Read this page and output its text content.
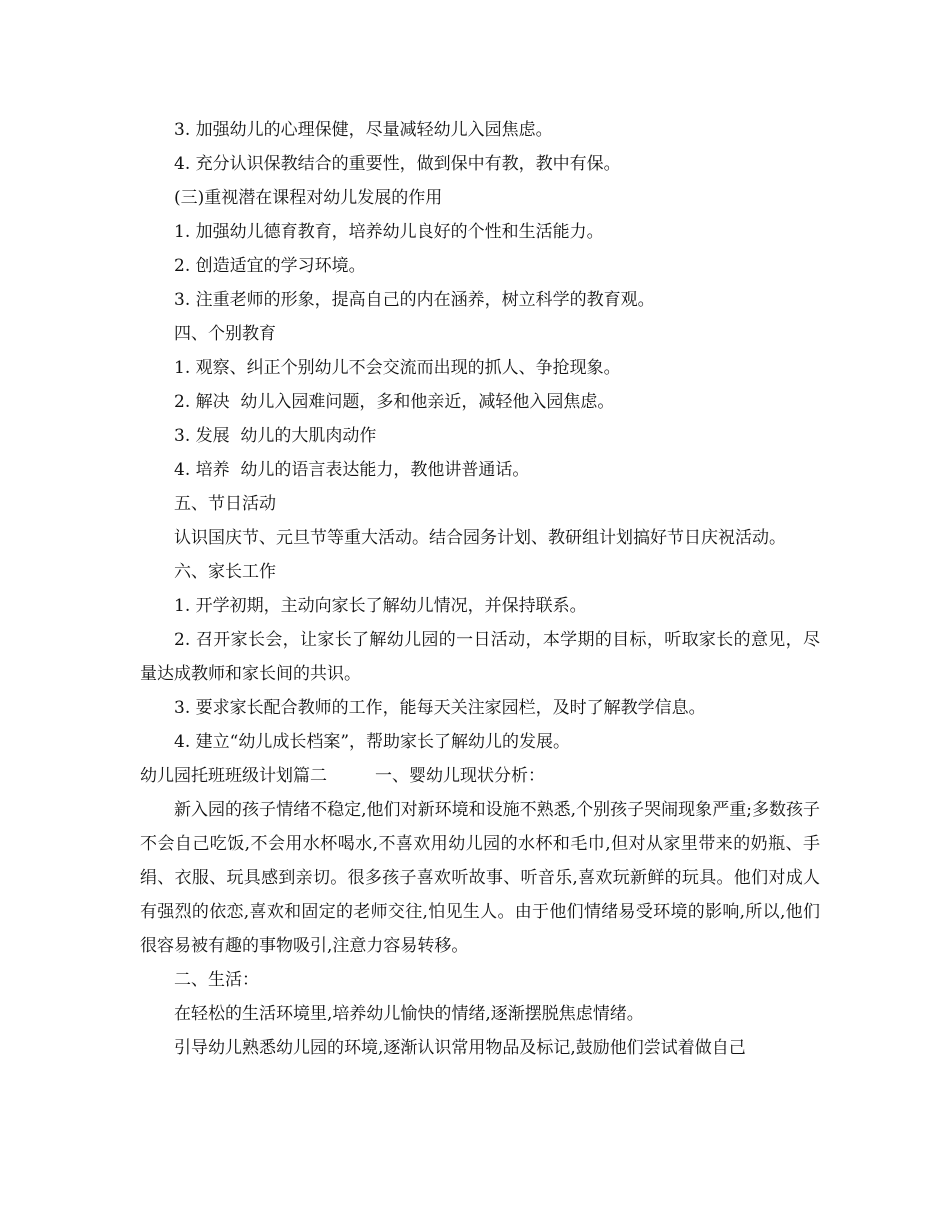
3. 加强幼儿的心理保健，尽量减轻幼儿入园焦虑。

4. 充分认识保教结合的重要性，做到保中有教，教中有保。

(三)重视潜在课程对幼儿发展的作用

1. 加强幼儿德育教育，培养幼儿良好的个性和生活能力。

2. 创造适宜的学习环境。

3. 注重老师的形象，提高自己的内在涵养，树立科学的教育观。

四、个别教育

1. 观察、纠正个别幼儿不会交流而出现的抓人、争抢现象。

2. 解决  幼儿入园难问题，多和他亲近，减轻他入园焦虑。

3. 发展  幼儿的大肌肉动作

4. 培养  幼儿的语言表达能力，教他讲普通话。

五、节日活动

认识国庆节、元旦节等重大活动。结合园务计划、教研组计划搞好节日庆祝活动。

六、家长工作

1. 开学初期，主动向家长了解幼儿情况，并保持联系。

2. 召开家长会，让家长了解幼儿园的一日活动，本学期的目标，听取家长的意见，尽量达成教师和家长间的共识。

3. 要求家长配合教师的工作，能每天关注家园栏，及时了解教学信息。

4. 建立“幼儿成长档案”，帮助家长了解幼儿的发展。

幼儿园托班班级计划篇二	一、婴幼儿现状分析：

新入园的孩子情绪不稳定,他们对新环境和设施不熟悉,个别孩子哭闹现象严重;多数孩子不会自己吃饭,不会用水杯喝水,不喜欢用幼儿园的水杯和毛巾,但对从家里带来的奶瓶、手绢、衣服、玩具感到亲切。很多孩子喜欢听故事、听音乐,喜欢玩新鲜的玩具。他们对成人有强烈的依恋,喜欢和固定的老师交往,怕见生人。由于他们情绪易受环境的影响,所以,他们很容易被有趣的事物吸引,注意力容易转移。

二、生活：

在轻松的生活环境里,培养幼儿愉快的情绪,逐渐摆脱焦虑情绪。

引导幼儿熟悉幼儿园的环境,逐渐认识常用物品及标记,鼓励他们尝试着做自己
